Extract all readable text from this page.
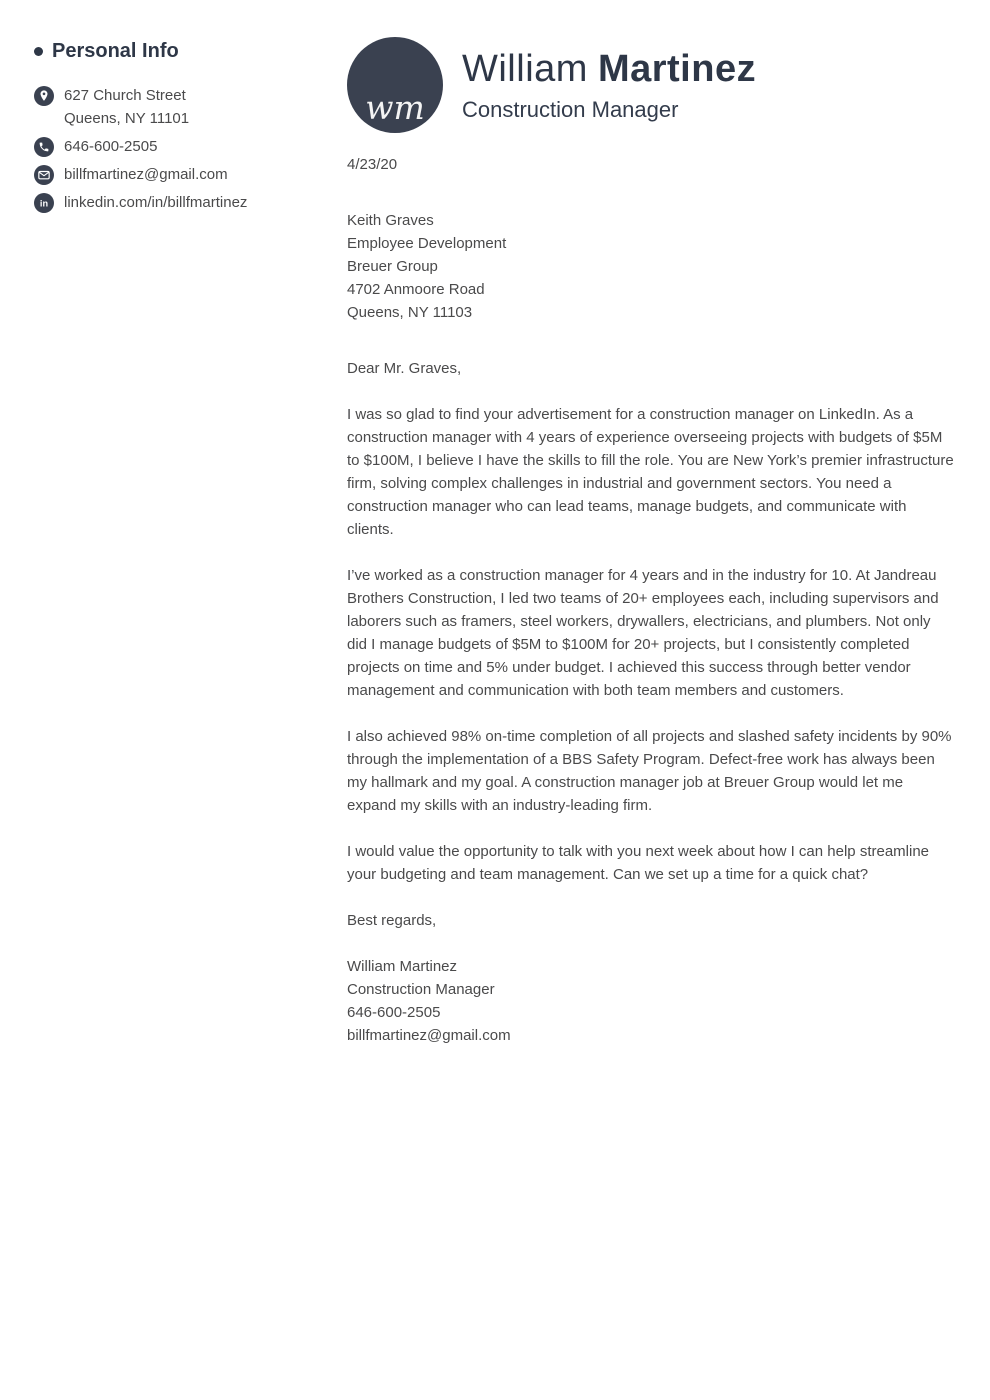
Personal Info
627 Church Street
Queens, NY 11101
646-600-2505
billfmartinez@gmail.com
in linkedin.com/in/billfmartinez
wm
William Martinez
Construction Manager
4/23/20
Keith Graves
Employee Development
Breuer Group
4702 Anmoore Road
Queens, NY 11103
Dear Mr. Graves,

I was so glad to find your advertisement for a construction manager on LinkedIn. As a construction manager with 4 years of experience overseeing projects with budgets of $5M to $100M, I believe I have the skills to fill the role. You are New York’s premier infrastructure firm, solving complex challenges in industrial and government sectors. You need a construction manager who can lead teams, manage budgets, and communicate with clients.

I’ve worked as a construction manager for 4 years and in the industry for 10. At Jandreau Brothers Construction, I led two teams of 20+ employees each, including supervisors and laborers such as framers, steel workers, drywallers, electricians, and plumbers. Not only did I manage budgets of $5M to $100M for 20+ projects, but I consistently completed projects on time and 5% under budget. I achieved this success through better vendor management and communication with both team members and customers.

I also achieved 98% on-time completion of all projects and slashed safety incidents by 90% through the implementation of a BBS Safety Program. Defect-free work has always been my hallmark and my goal. A construction manager job at Breuer Group would let me expand my skills with an industry-leading firm.

I would value the opportunity to talk with you next week about how I can help streamline your budgeting and team management. Can we set up a time for a quick chat?

Best regards,
William Martinez
Construction Manager
646-600-2505
billfmartinez@gmail.com
